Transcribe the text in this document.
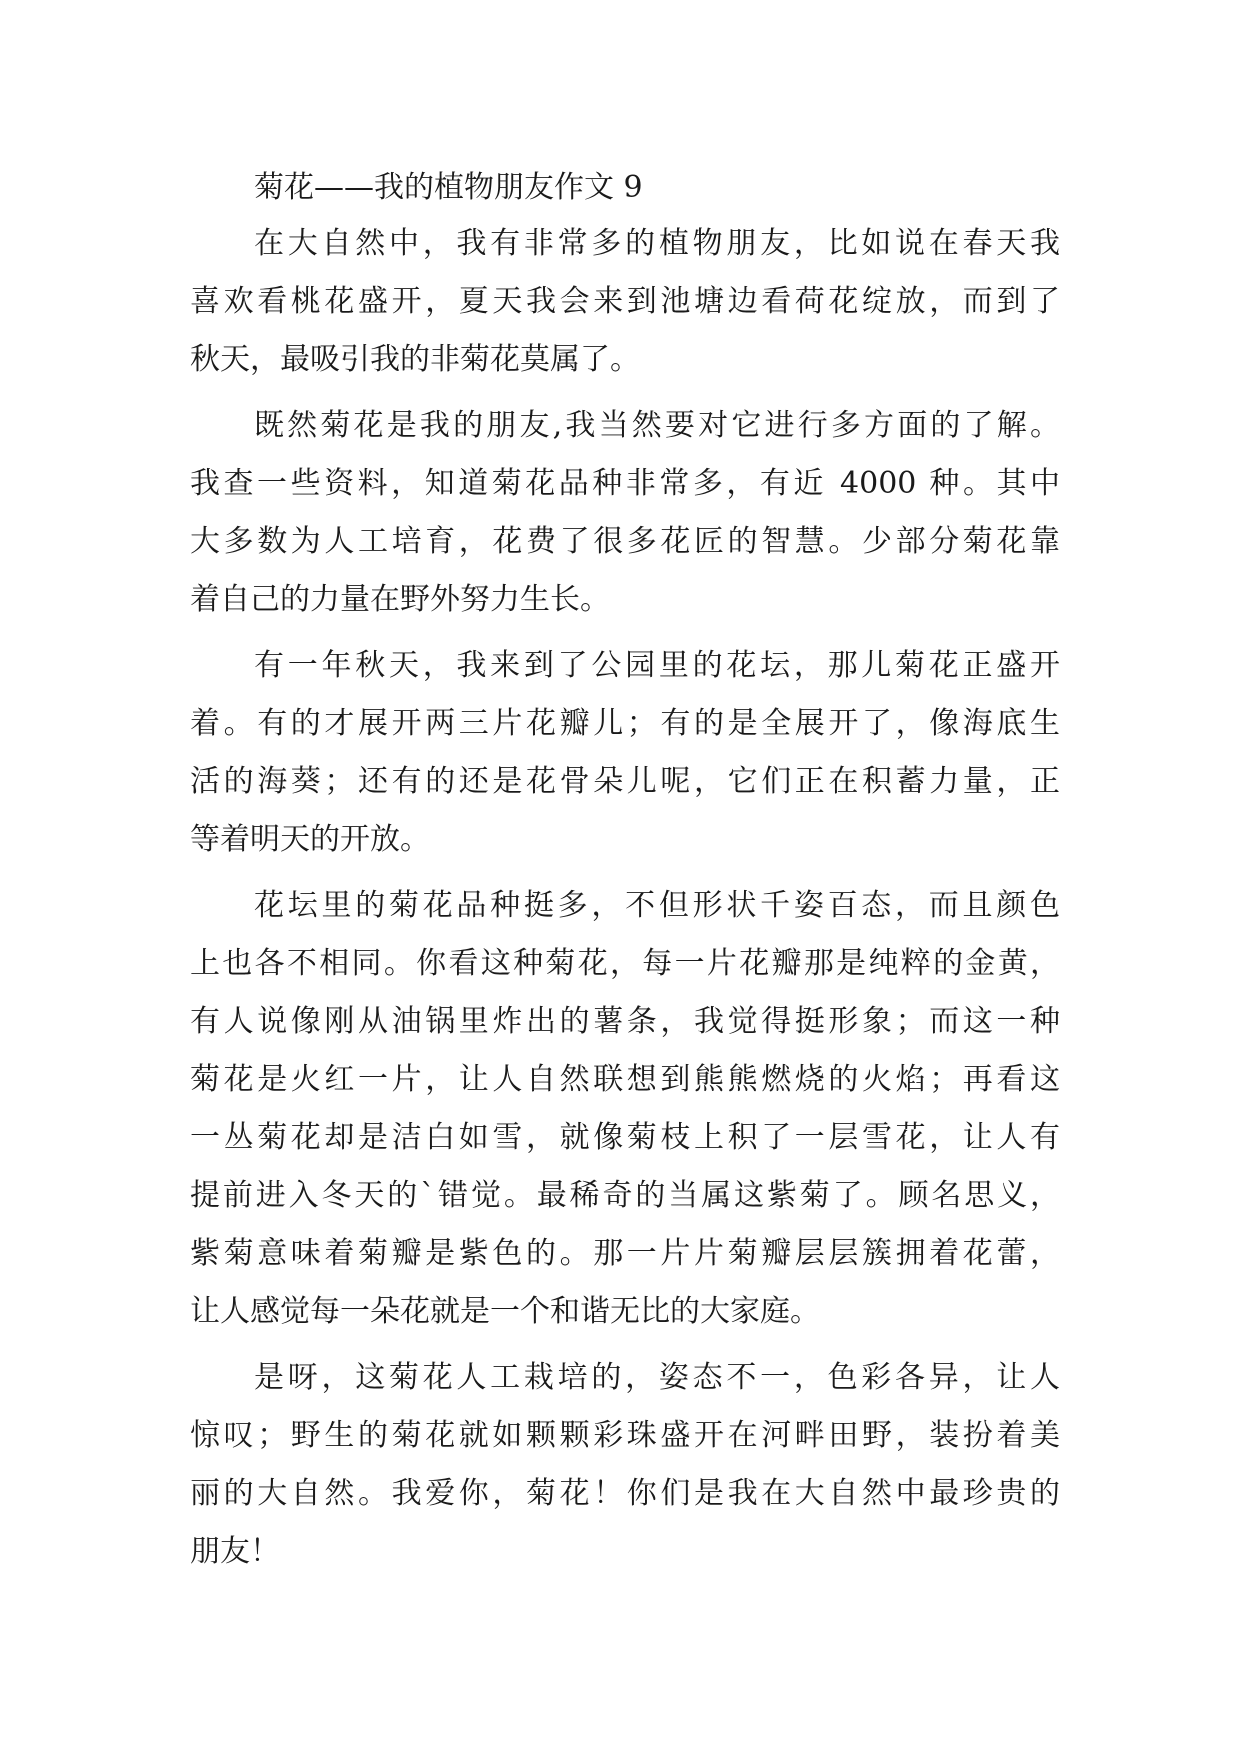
菊花——我的植物朋友作文 9
在大自然中，我有非常多的植物朋友，比如说在春天我
喜欢看桃花盛开，夏天我会来到池塘边看荷花绽放，而到了
秋天，最吸引我的非菊花莫属了。
既然菊花是我的朋友,我当然要对它进行多方面的了解。
我查一些资料，知道菊花品种非常多，有近 4000 种。其中
大多数为人工培育，花费了很多花匠的智慧。少部分菊花靠
着自己的力量在野外努力生长。
有一年秋天，我来到了公园里的花坛，那儿菊花正盛开
着。有的才展开两三片花瓣儿；有的是全展开了，像海底生
活的海葵；还有的还是花骨朵儿呢，它们正在积蓄力量，正
等着明天的开放。
花坛里的菊花品种挺多，不但形状千姿百态，而且颜色
上也各不相同。你看这种菊花，每一片花瓣那是纯粹的金黄，
有人说像刚从油锅里炸出的薯条，我觉得挺形象；而这一种
菊花是火红一片，让人自然联想到熊熊燃烧的火焰；再看这
一丛菊花却是洁白如雪，就像菊枝上积了一层雪花，让人有
提前进入冬天的`错觉。最稀奇的当属这紫菊了。顾名思义，
紫菊意味着菊瓣是紫色的。那一片片菊瓣层层簇拥着花蕾，
让人感觉每一朵花就是一个和谐无比的大家庭。
是呀，这菊花人工栽培的，姿态不一，色彩各异，让人
惊叹；野生的菊花就如颗颗彩珠盛开在河畔田野，装扮着美
丽的大自然。我爱你，菊花！你们是我在大自然中最珍贵的
朋友！
